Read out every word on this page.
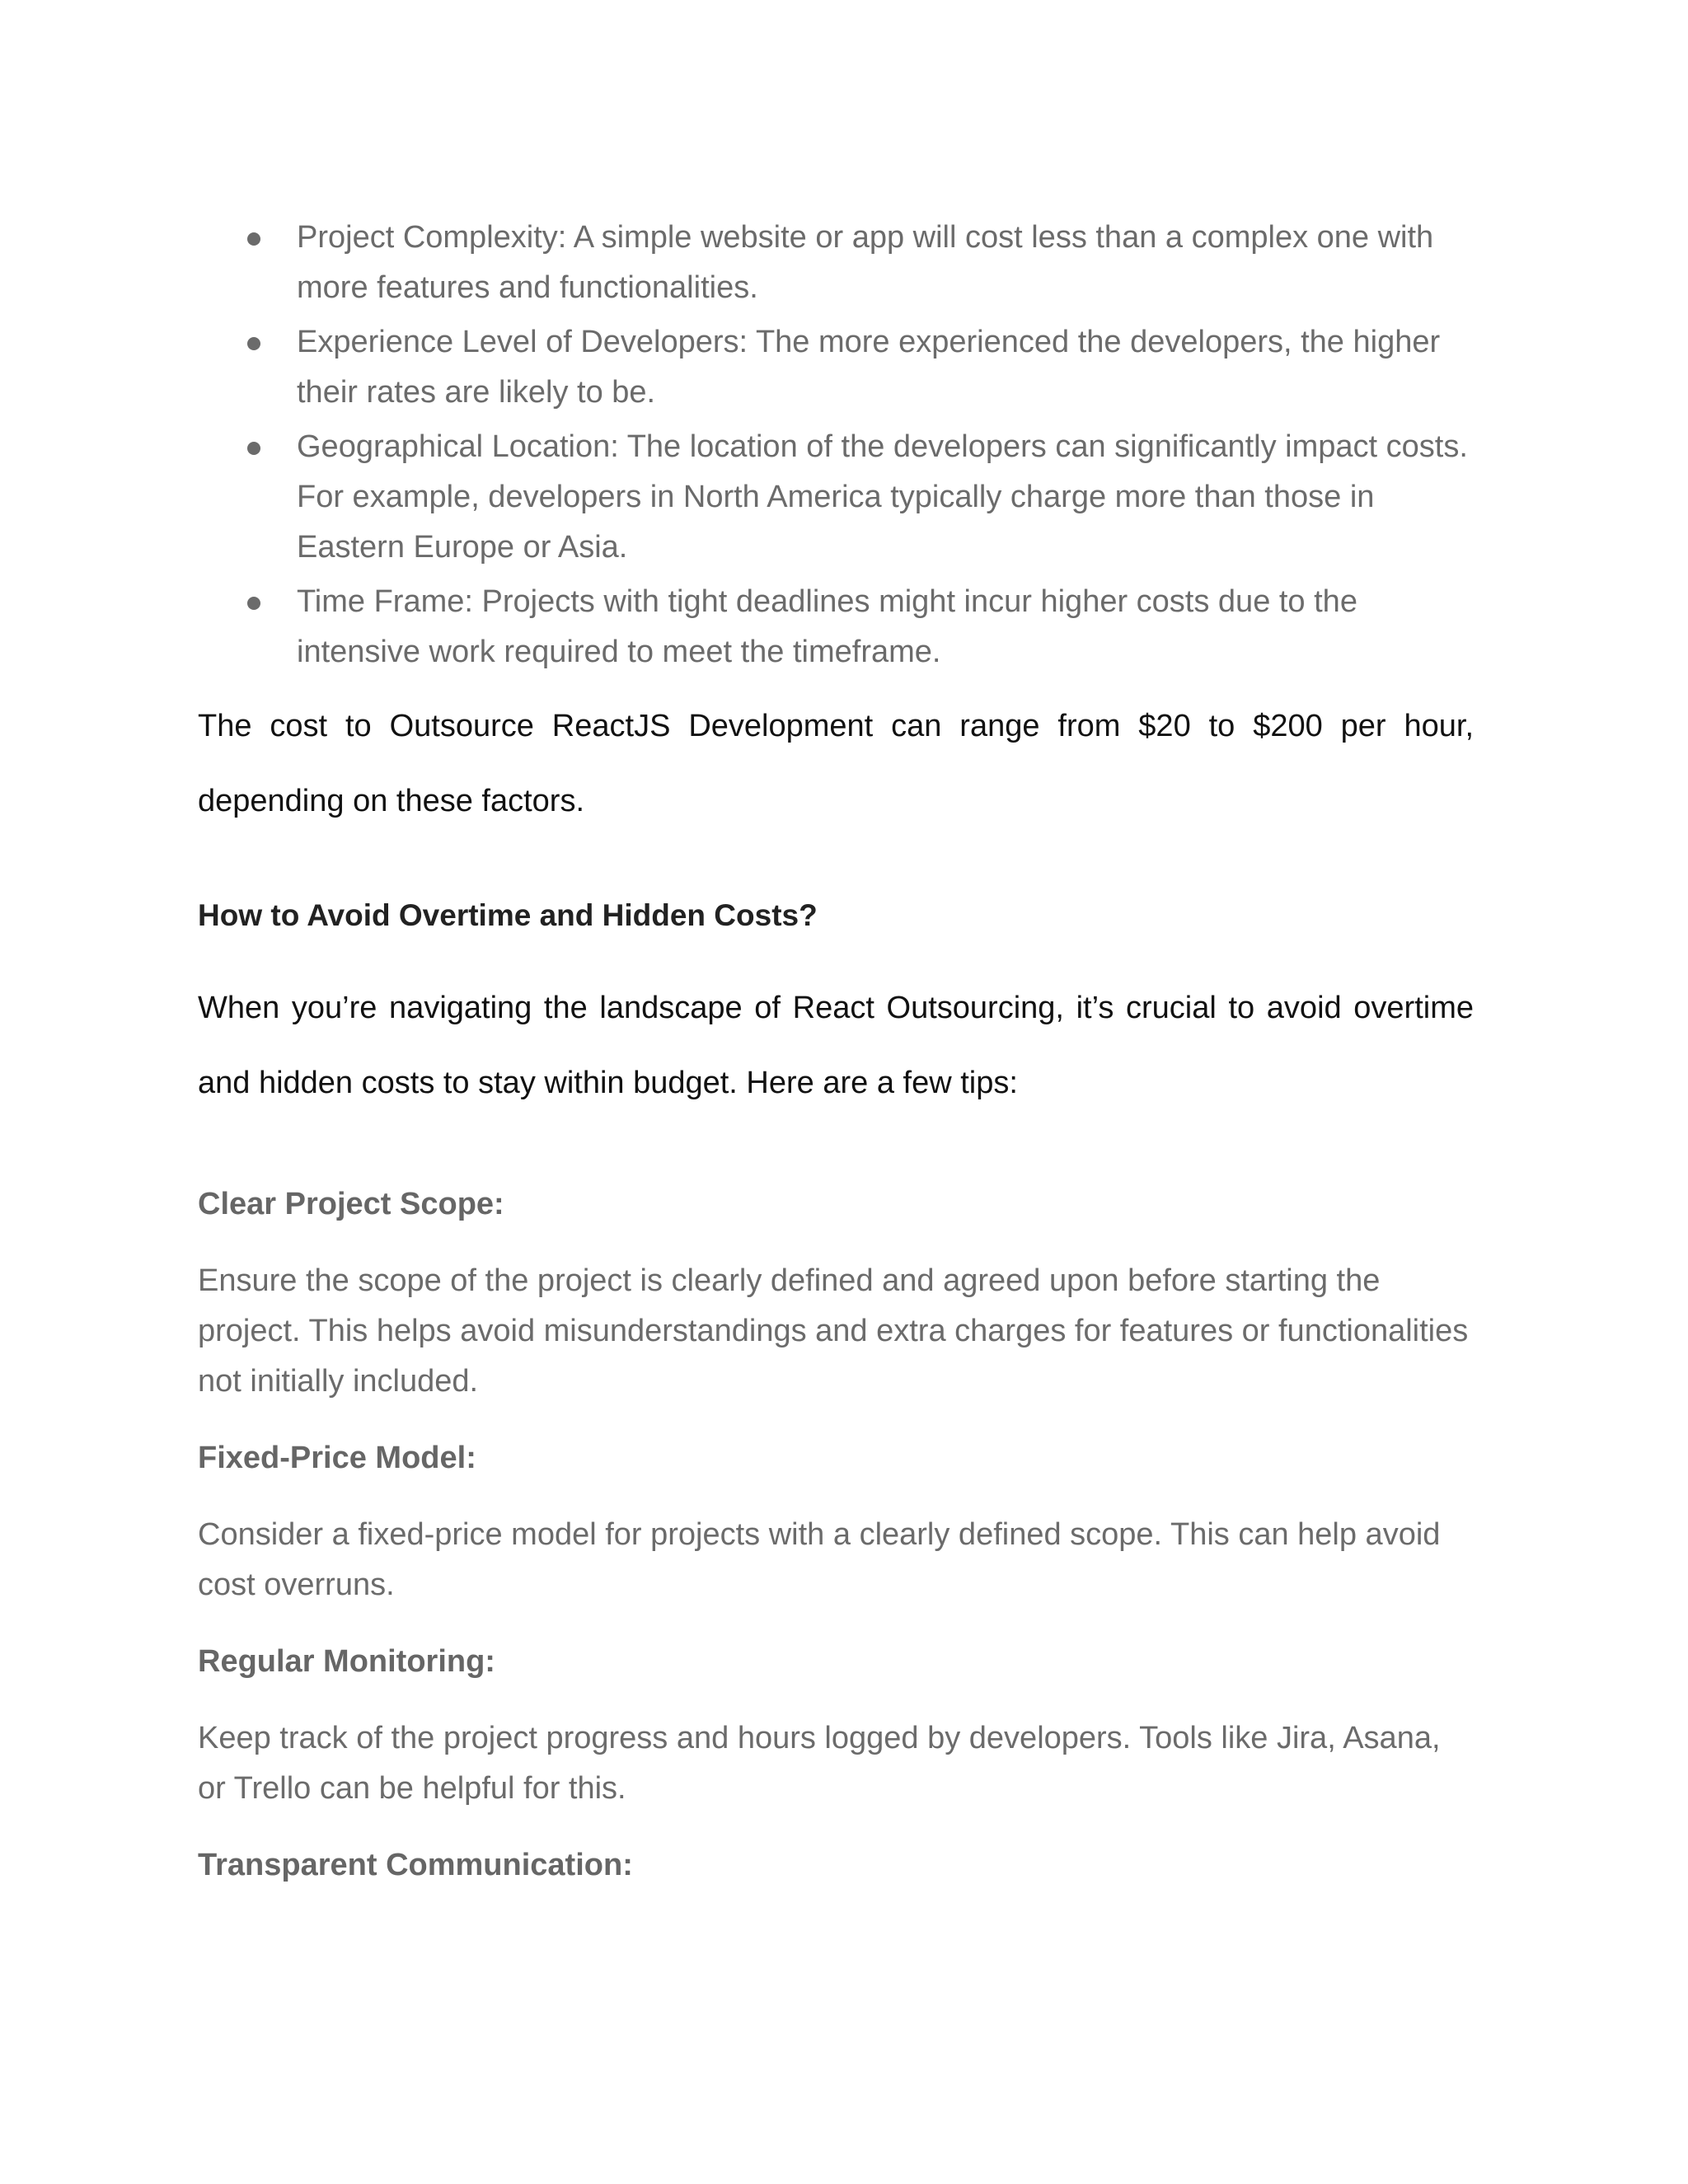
Project Complexity: A simple website or app will cost less than a complex one with more features and functionalities.
Experience Level of Developers: The more experienced the developers, the higher their rates are likely to be.
Geographical Location: The location of the developers can significantly impact costs. For example, developers in North America typically charge more than those in Eastern Europe or Asia.
Time Frame: Projects with tight deadlines might incur higher costs due to the intensive work required to meet the timeframe.

The cost to Outsource ReactJS Development can range from $20 to $200 per hour, depending on these factors.

How to Avoid Overtime and Hidden Costs?

When you’re navigating the landscape of React Outsourcing, it’s crucial to avoid overtime and hidden costs to stay within budget. Here are a few tips:

Clear Project Scope:

Ensure the scope of the project is clearly defined and agreed upon before starting the project. This helps avoid misunderstandings and extra charges for features or functionalities not initially included.

Fixed-Price Model:

Consider a fixed-price model for projects with a clearly defined scope. This can help avoid cost overruns.

Regular Monitoring:

Keep track of the project progress and hours logged by developers. Tools like Jira, Asana, or Trello can be helpful for this.

Transparent Communication:
